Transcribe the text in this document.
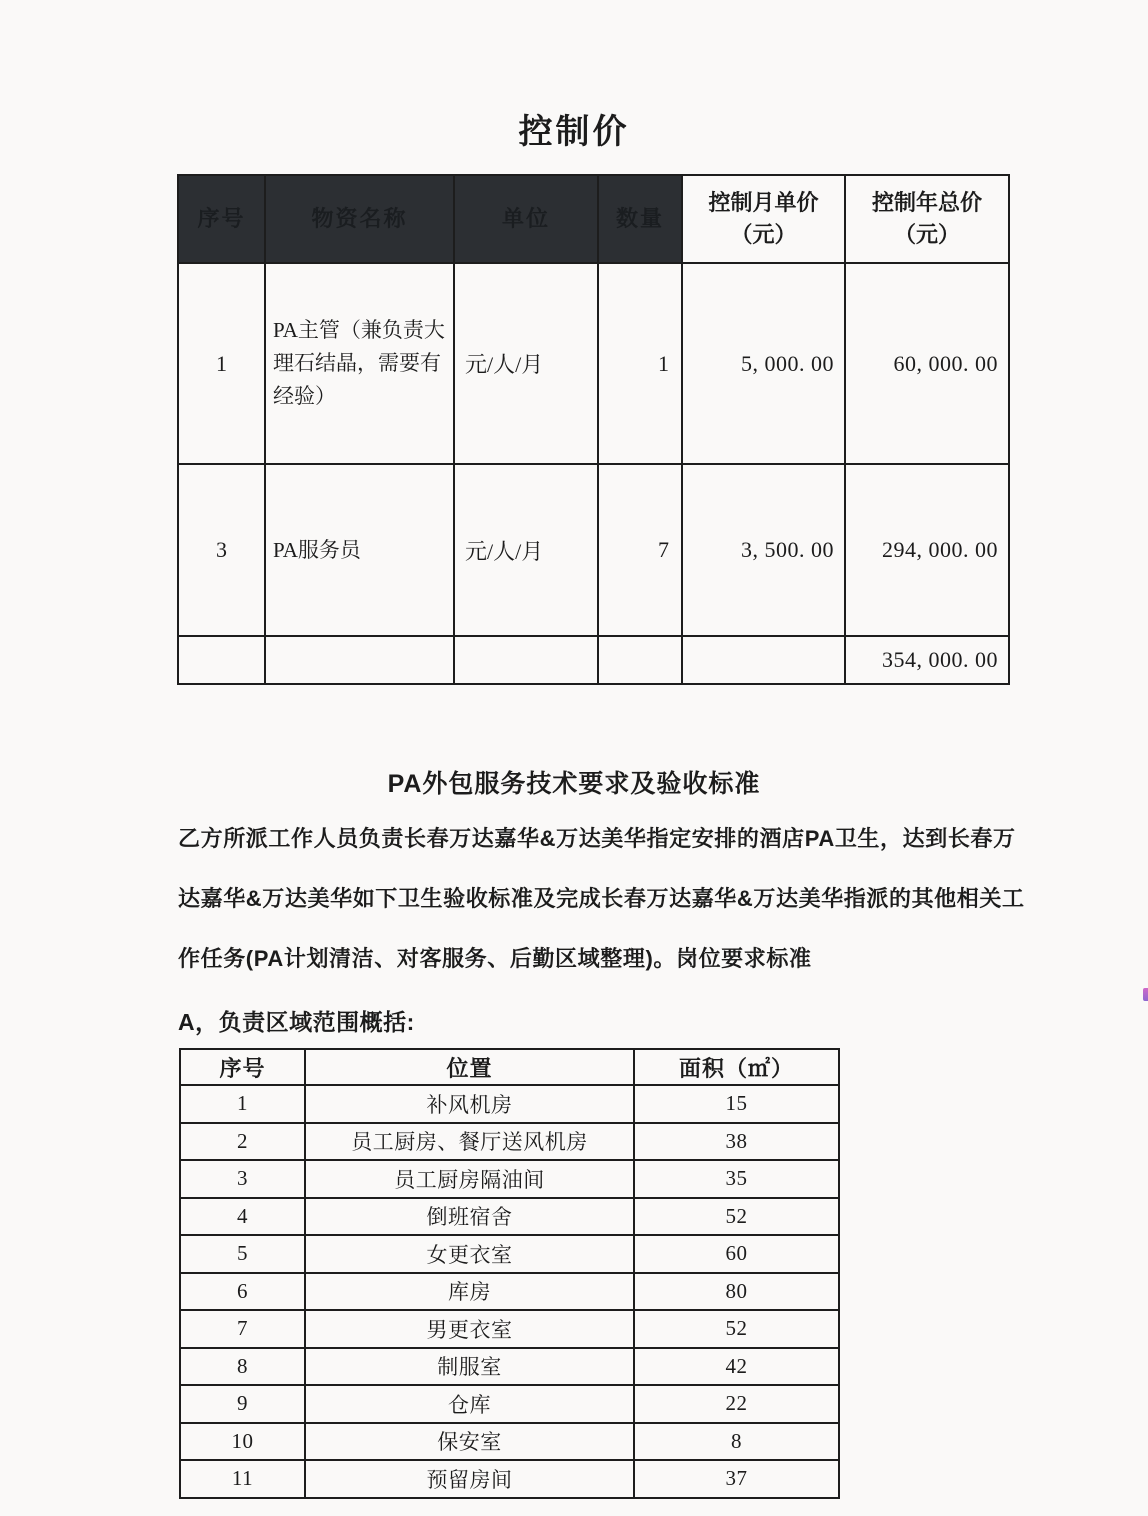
控制价
序号	物资名称	单位	数量	控制月单价（元）	控制年总价（元）
1	PA主管（兼负责大理石结晶，需要有经验）	元/人/月	1	5, 000. 00	60, 000. 00
3	PA服务员	元/人/月	7	3, 500. 00	294, 000. 00
					354, 000. 00
PA外包服务技术要求及验收标准
乙方所派工作人员负责长春万达嘉华&万达美华指定安排的酒店PA卫生，达到长春万
达嘉华&万达美华如下卫生验收标准及完成长春万达嘉华&万达美华指派的其他相关工
作任务(PA计划清洁、对客服务、后勤区域整理)。岗位要求标准
A，负责区域范围概括:
序号	位置	面积（㎡）
1	补风机房	15
2	员工厨房、餐厅送风机房	38
3	员工厨房隔油间	35
4	倒班宿舍	52
5	女更衣室	60
6	库房	80
7	男更衣室	52
8	制服室	42
9	仓库	22
10	保安室	8
11	预留房间	37
